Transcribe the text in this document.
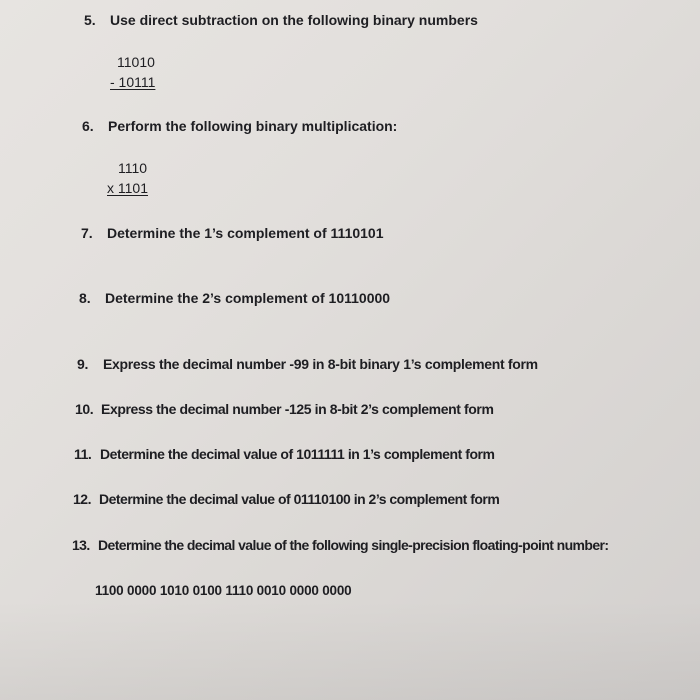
5. Use direct subtraction on the following binary numbers
11010
- 10111
6. Perform the following binary multiplication:
1110
x 1101
7. Determine the 1’s complement of 1110101
8. Determine the 2’s complement of 10110000
9. Express the decimal number -99 in 8-bit binary 1’s complement form
10. Express the decimal number -125 in 8-bit 2’s complement form
11. Determine the decimal value of 1011111 in 1’s complement form
12. Determine the decimal value of 01110100 in 2’s complement form
13. Determine the decimal value of the following single-precision floating-point number:
1100 0000 1010 0100 1110 0010 0000 0000
